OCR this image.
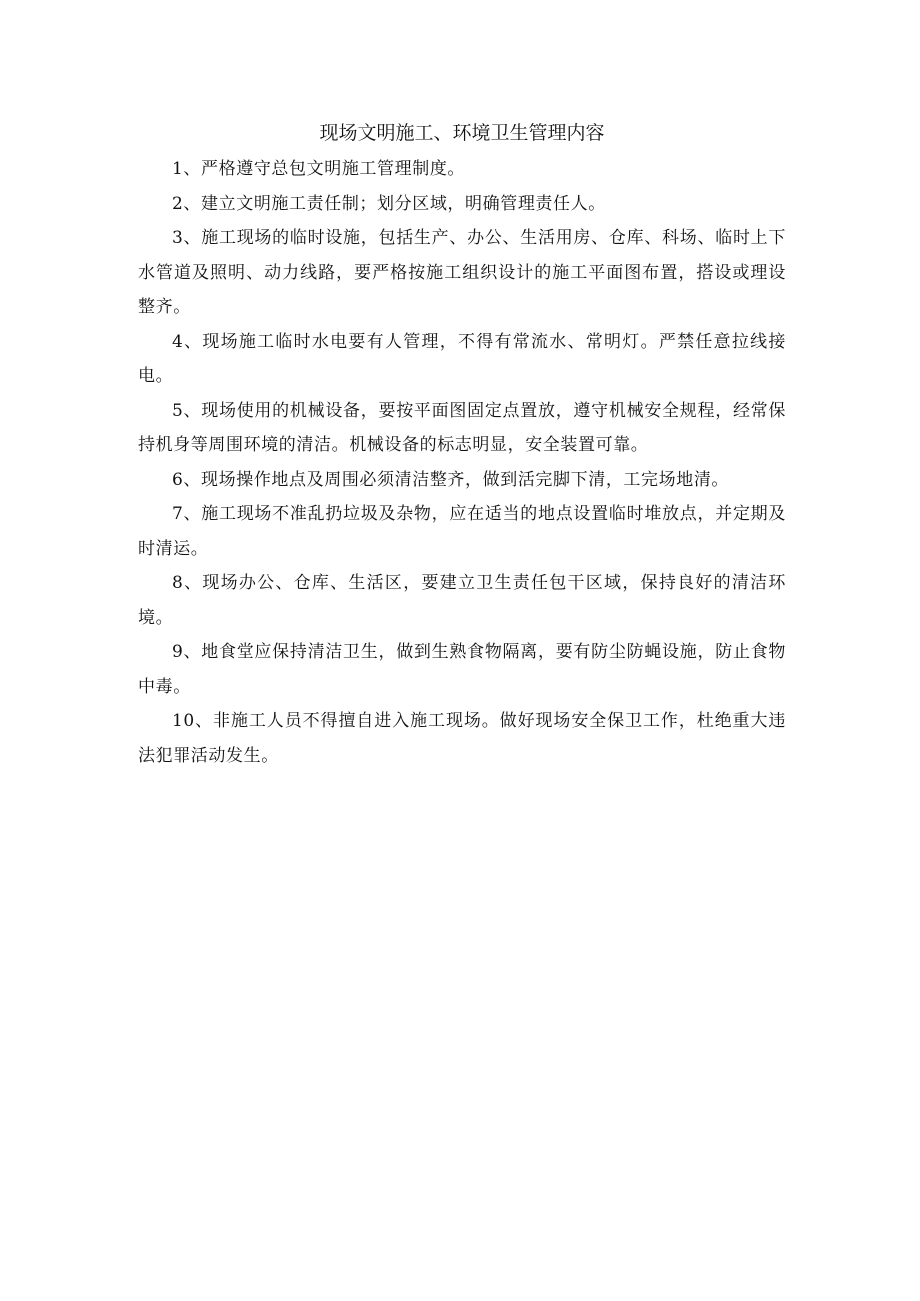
现场文明施工、环境卫生管理内容

1、严格遵守总包文明施工管理制度。

2、建立文明施工责任制；划分区域，明确管理责任人。

3、施工现场的临时设施，包括生产、办公、生活用房、仓库、科场、临时上下水管道及照明、动力线路，要严格按施工组织设计的施工平面图布置，搭设或理设整齐。

4、现场施工临时水电要有人管理，不得有常流水、常明灯。严禁任意拉线接电。

5、现场使用的机械设备，要按平面图固定点置放，遵守机械安全规程，经常保持机身等周围环境的清洁。机械设备的标志明显，安全装置可靠。

6、现场操作地点及周围必须清洁整齐，做到活完脚下清，工完场地清。

7、施工现场不准乱扔垃圾及杂物，应在适当的地点设置临时堆放点，并定期及时清运。

8、现场办公、仓库、生活区，要建立卫生责任包干区域，保持良好的清洁环境。

9、地食堂应保持清洁卫生，做到生熟食物隔离，要有防尘防蝇设施，防止食物中毒。

10、非施工人员不得擅自进入施工现场。做好现场安全保卫工作，杜绝重大违法犯罪活动发生。
